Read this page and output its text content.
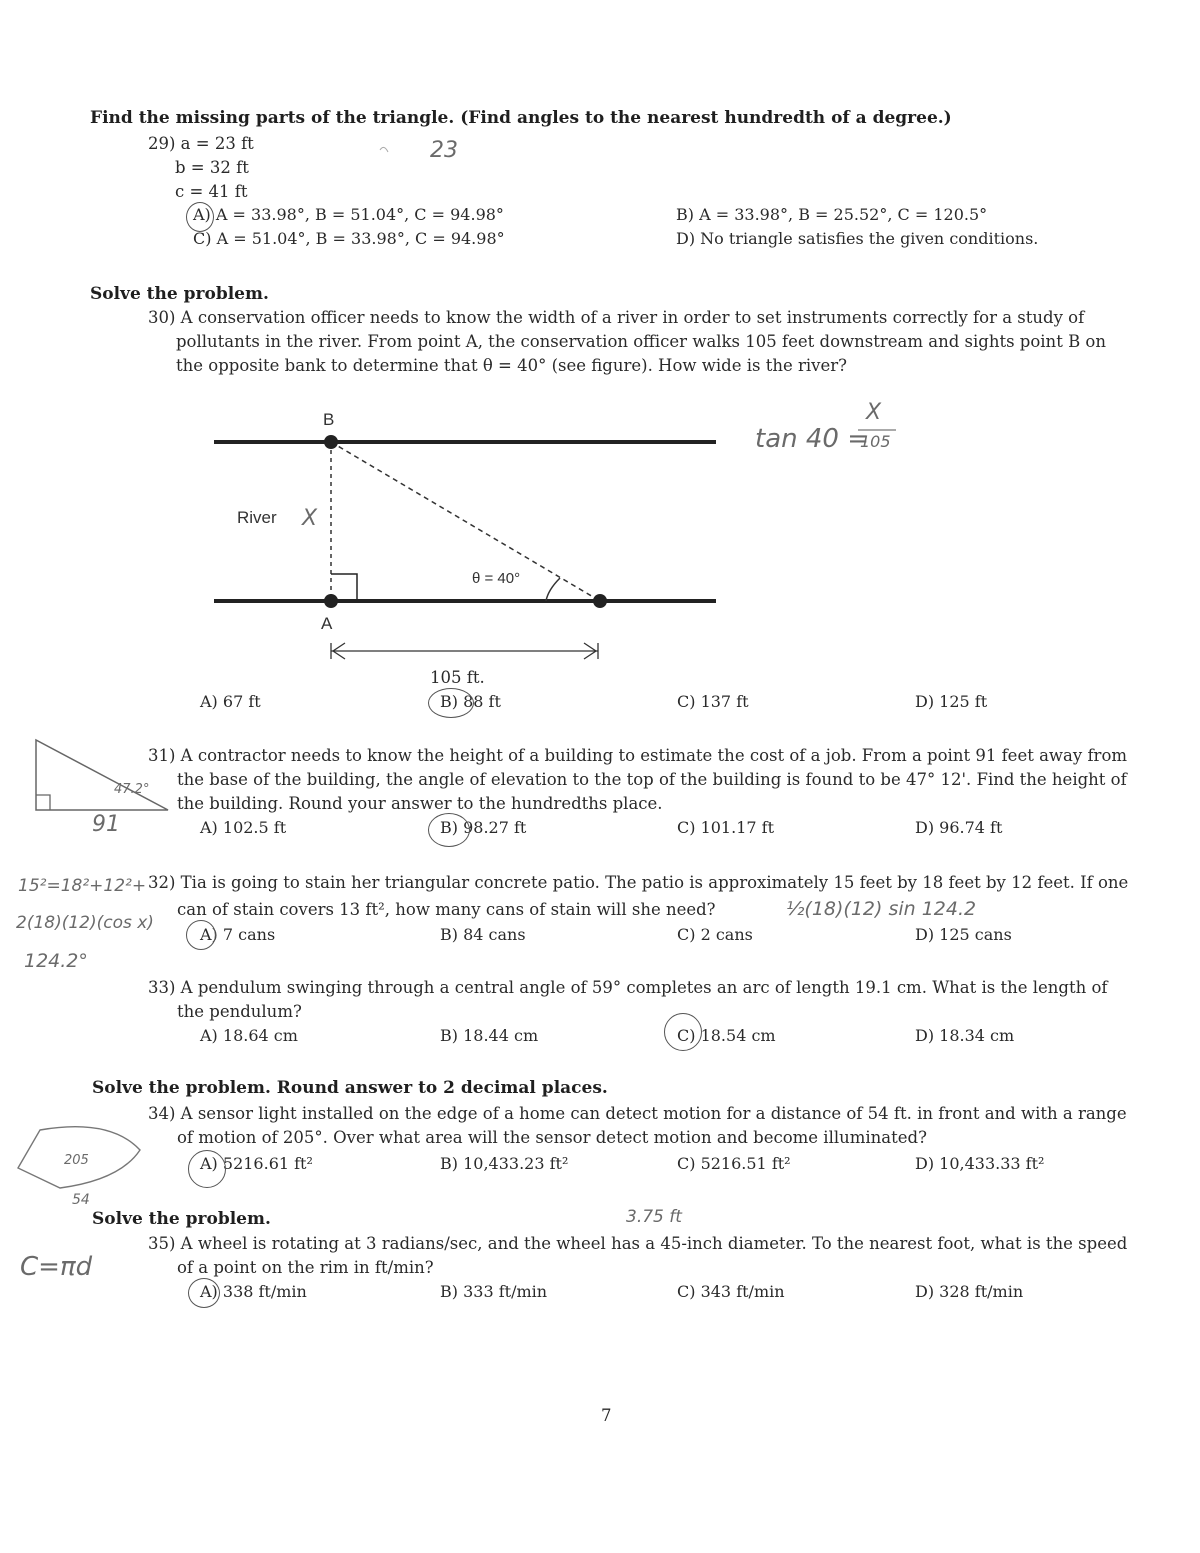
Find the missing parts of the triangle. (Find angles to the nearest hundredth of a degree.)
29) a = 23 ft
b = 32 ft
c = 41 ft
23
A) A = 33.98°, B = 51.04°, C = 94.98°	B) A = 33.98°, B = 25.52°, C = 120.5°
C) A = 51.04°, B = 33.98°, C = 94.98°	D) No triangle satisfies the given conditions.
Solve the problem.
30) A conservation officer needs to know the width of a river in order to set instruments correctly for a study of
pollutants in the river. From point A, the conservation officer walks 105 feet downstream and sights point B on
the opposite bank to determine that θ = 40° (see figure). How wide is the river?
B
A
River
θ = 40°
105 ft.
X
tan 40 =
X
105
A) 67 ft	B) 88 ft	C) 137 ft	D) 125 ft
31) A contractor needs to know the height of a building to estimate the cost of a job. From a point 91 feet away from
the base of the building, the angle of elevation to the top of the building is found to be 47° 12'. Find the height of
the building. Round your answer to the hundredths place.
47.2°
91	A) 102.5 ft	B) 98.27 ft	C) 101.17 ft	D) 96.74 ft
32) Tia is going to stain her triangular concrete patio. The patio is approximately 15 feet by 18 feet by 12 feet. If one
can of stain covers 13 ft², how many cans of stain will she need?
15²=18²+12²+
2(18)(12)(cos x)
124.2°
½(18)(12) sin 124.2
A) 7 cans	B) 84 cans	C) 2 cans	D) 125 cans
33) A pendulum swinging through a central angle of 59° completes an arc of length 19.1 cm. What is the length of
the pendulum?
A) 18.64 cm	B) 18.44 cm	C) 18.54 cm	D) 18.34 cm
Solve the problem. Round answer to 2 decimal places.
34) A sensor light installed on the edge of a home can detect motion for a distance of 54 ft. in front and with a range
of motion of 205°. Over what area will the sensor detect motion and become illuminated?
205
54
A) 5216.61 ft²	B) 10,433.23 ft²	C) 5216.51 ft²	D) 10,433.33 ft²
Solve the problem.	3.75 ft
35) A wheel is rotating at 3 radians/sec, and the wheel has a 45-inch diameter. To the nearest foot, what is the speed
of a point on the rim in ft/min?
C=πd
A) 338 ft/min	B) 333 ft/min	C) 343 ft/min	D) 328 ft/min
7
